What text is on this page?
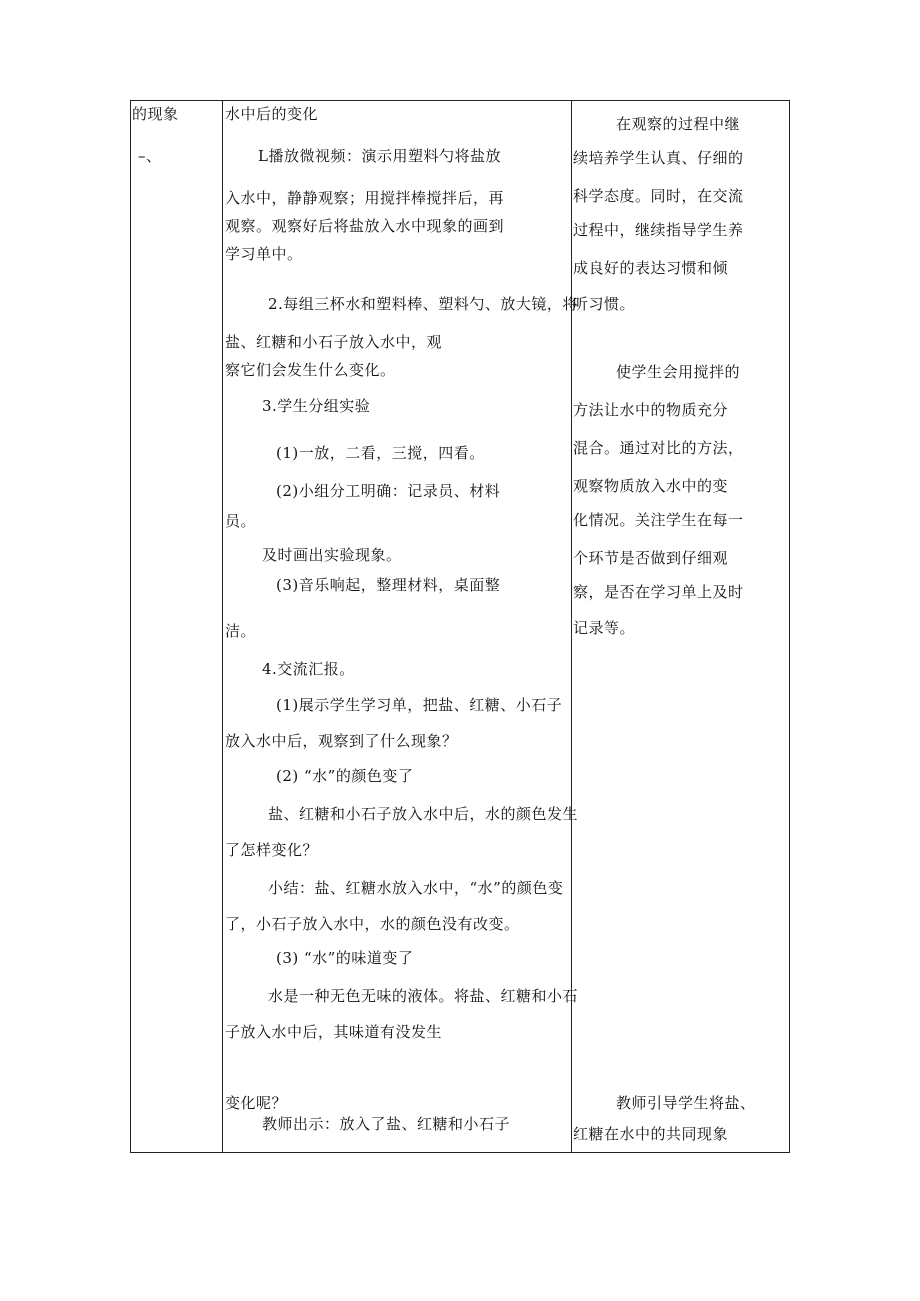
的现象
–、
水中后的变化
L播放微视频：演示用塑料勺将盐放
入水中，静静观察；用搅拌棒搅拌后，再
观察。观察好后将盐放入水中现象的画到
学习单中。
2.每组三杯水和塑料棒、塑料勺、放大镜，将
盐、红糖和小石子放入水中，观
察它们会发生什么变化。
3.学生分组实验
(1)一放，二看，三搅，四看。
(2)小组分工明确：记录员、材料
员。
及时画出实验现象。
(3)音乐响起，整理材料，桌面整
洁。
4.交流汇报。
(1)展示学生学习单，把盐、红糖、小石子
放入水中后，观察到了什么现象？
(2) “水”的颜色变了
盐、红糖和小石子放入水中后，水的颜色发生
了怎样变化？
小结：盐、红糖水放入水中，“水”的颜色变
了，小石子放入水中，水的颜色没有改变。
(3) “水”的味道变了
水是一种无色无味的液体。将盐、红糖和小石
子放入水中后，其味道有没发生
变化呢？
教师出示：放入了盐、红糖和小石子
在观察的过程中继
续培养学生认真、仔细的
科学态度。同时，在交流
过程中，继续指导学生养
成良好的表达习惯和倾
听习惯。
使学生会用搅拌的
方法让水中的物质充分
混合。通过对比的方法，
观察物质放入水中的变
化情况。关注学生在每一
个环节是否做到仔细观
察，是否在学习单上及时
记录等。
教师引导学生将盐、
红糖在水中的共同现象
